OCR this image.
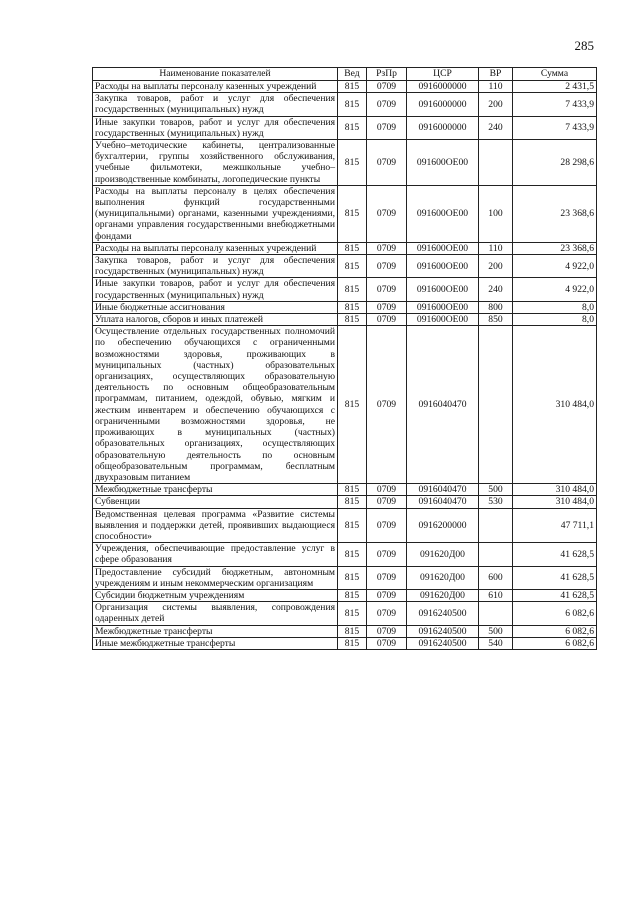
285
Наименование показателей	Вед	РзПр	ЦСР	ВР	Сумма
Расходы на выплаты персоналу казенных учреждений	815	0709	0916000000	110	2 431,5
Закупка товаров, работ и услуг для обеспечения государственных (муниципальных) нужд	815	0709	0916000000	200	7 433,9
Иные закупки товаров, работ и услуг для обеспечения государственных (муниципальных) нужд	815	0709	0916000000	240	7 433,9
Учебно–методические кабинеты, централизованные бухгалтерии, группы хозяйственного обслуживания, учебные фильмотеки, межшкольные учебно–производственные комбинаты, логопедические пункты	815	0709	091600ОЕ00		28 298,6
Расходы на выплаты персоналу в целях обеспечения выполнения функций государственными (муниципальными) органами, казенными учреждениями, органами управления государственными внебюджетными фондами	815	0709	091600ОЕ00	100	23 368,6
Расходы на выплаты персоналу казенных учреждений	815	0709	091600ОЕ00	110	23 368,6
Закупка товаров, работ и услуг для обеспечения государственных (муниципальных) нужд	815	0709	091600ОЕ00	200	4 922,0
Иные закупки товаров, работ и услуг для обеспечения государственных (муниципальных) нужд	815	0709	091600ОЕ00	240	4 922,0
Иные бюджетные ассигнования	815	0709	091600ОЕ00	800	8,0
Уплата налогов, сборов и иных платежей	815	0709	091600ОЕ00	850	8,0
Осуществление отдельных государственных полномочий по обеспечению обучающихся с ограниченными возможностями здоровья, проживающих в муниципальных (частных) образовательных организациях, осуществляющих образовательную деятельность по основным общеобразовательным программам, питанием, одеждой, обувью, мягким и жестким инвентарем и обеспечению обучающихся с ограниченными возможностями здоровья, не проживающих в муниципальных (частных) образовательных организациях, осуществляющих образовательную деятельность по основным общеобразовательным программам, бесплатным двухразовым питанием	815	0709	0916040470		310 484,0
Межбюджетные трансферты	815	0709	0916040470	500	310 484,0
Субвенции	815	0709	0916040470	530	310 484,0
Ведомственная целевая программа «Развитие системы выявления и поддержки детей, проявивших выдающиеся способности»	815	0709	0916200000		47 711,1
Учреждения, обеспечивающие предоставление услуг в сфере образования	815	0709	091620Д00		41 628,5
Предоставление субсидий бюджетным, автономным учреждениям и иным некоммерческим организациям	815	0709	091620Д00	600	41 628,5
Субсидии бюджетным учреждениям	815	0709	091620Д00	610	41 628,5
Организация системы выявления, сопровождения одаренных детей	815	0709	0916240500		6 082,6
Межбюджетные трансферты	815	0709	0916240500	500	6 082,6
Иные межбюджетные трансферты	815	0709	0916240500	540	6 082,6
